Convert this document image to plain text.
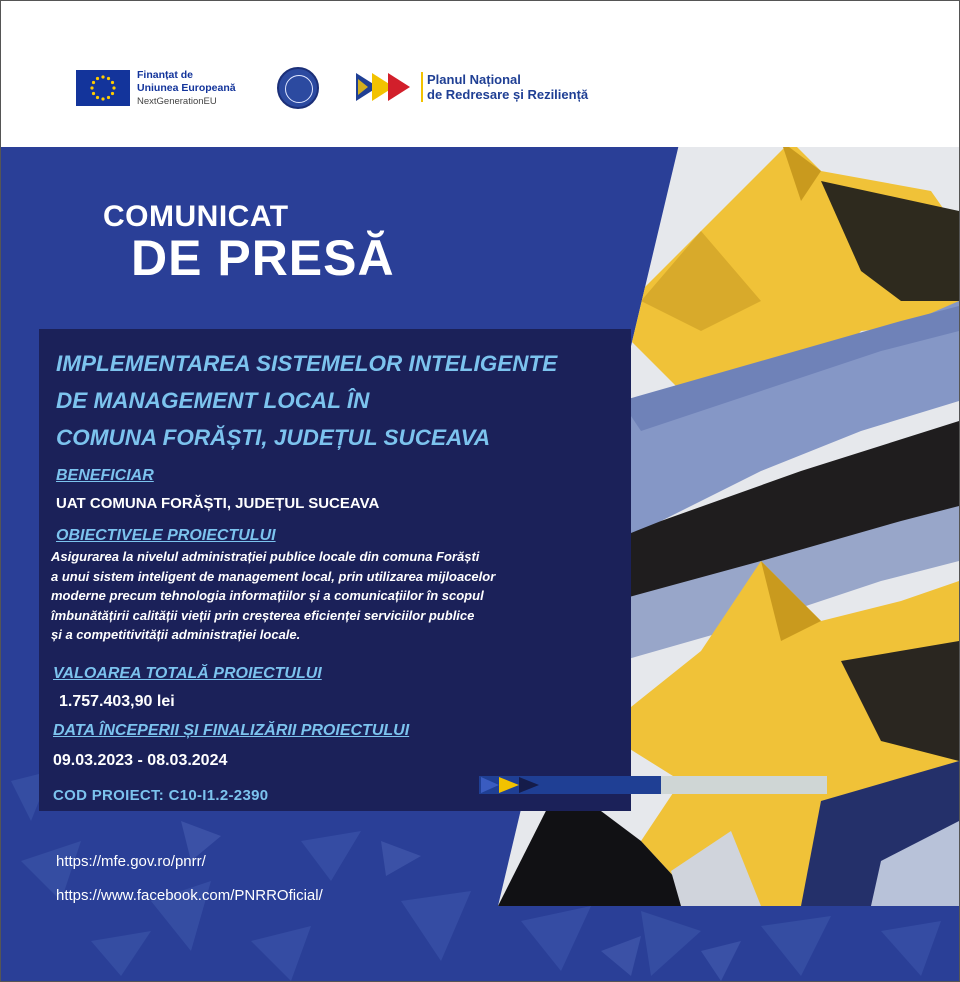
Finanțat de
Uniunea Europeană
NextGenerationEU
Planul Național
de Redresare și Reziliență
COMUNICAT
DE PRESĂ
IMPLEMENTAREA SISTEMELOR INTELIGENTE
DE MANAGEMENT LOCAL ÎN
COMUNA FORĂȘTI, JUDEȚUL SUCEAVA
BENEFICIAR
UAT COMUNA FORĂȘTI, JUDEȚUL SUCEAVA
OBIECTIVELE PROIECTULUI
Asigurarea la nivelul administrației publice locale din comuna Forăști
a unui sistem inteligent de management local, prin utilizarea mijloacelor
moderne precum tehnologia informațiilor și a comunicațiilor în scopul
îmbunătățirii calității vieții prin creșterea eficienței serviciilor publice
și a competitivității administrației locale.
VALOAREA TOTALĂ PROIECTULUI
1.757.403,90 lei
DATA ÎNCEPERII ȘI FINALIZĂRII PROIECTULUI
09.03.2023 - 08.03.2024
COD PROIECT: C10-I1.2-2390
https://mfe.gov.ro/pnrr/
https://www.facebook.com/PNRROficial/
